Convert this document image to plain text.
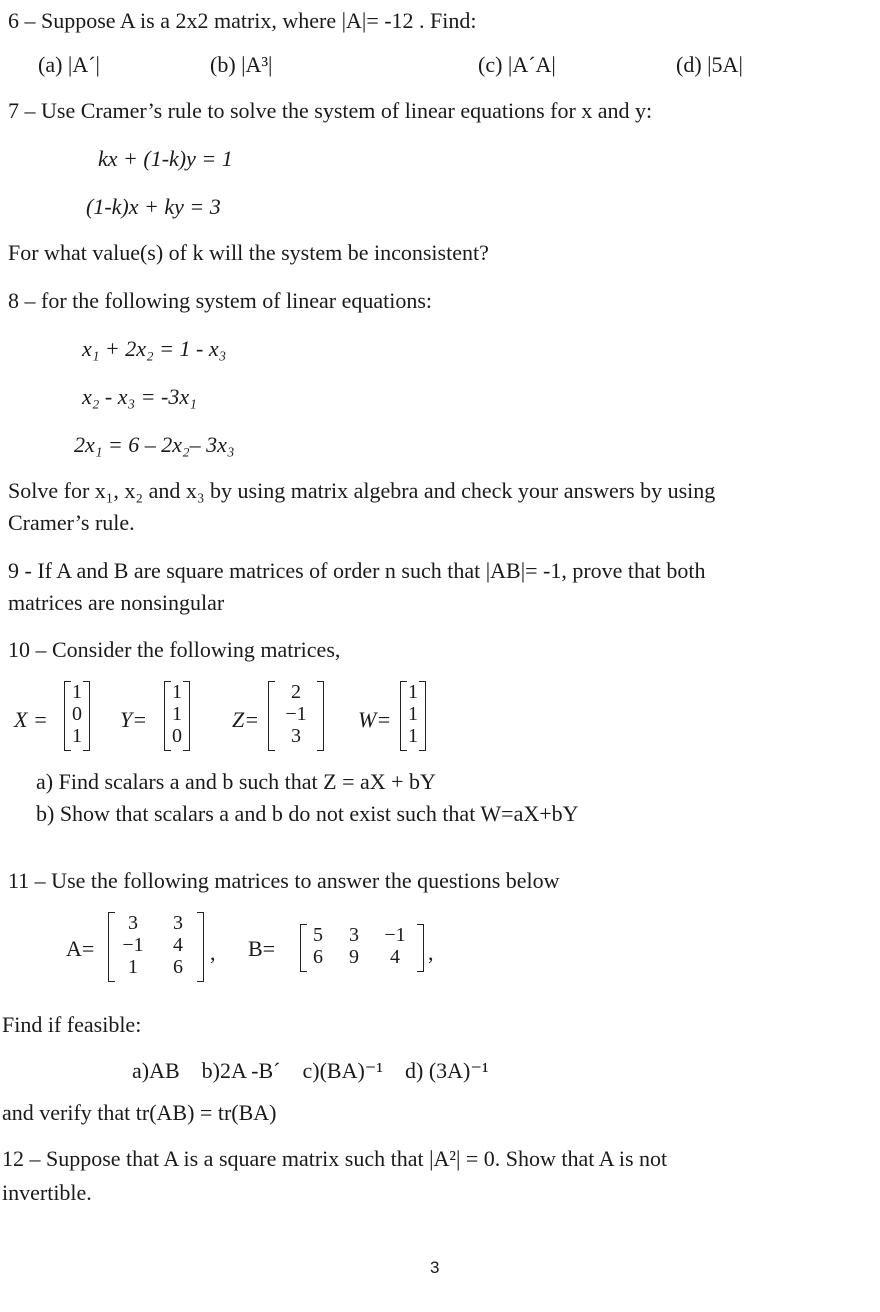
6 – Suppose A is a 2x2 matrix, where |A|= -12 . Find:
(a) |A´|	(b) |A³|	(c) |A´A|	(d) |5A|
7 – Use Cramer’s rule to solve the system of linear equations for x and y:
kx + (1-k)y = 1
(1-k)x + ky = 3
For what value(s) of k will the system be inconsistent?
8 – for the following system of linear equations:
x₁ + 2x₂ = 1 - x₃
x₂ - x₃ = -3x₁
2x₁ = 6 – 2x₂– 3x₃
Solve for x₁, x₂ and x₃ by using matrix algebra and check your answers by using
Cramer’s rule.
9 - If A and B are square matrices of order n such that |AB|= -1, prove that both
matrices are nonsingular
10 – Consider the following matrices,
X =
1
0
1
Y=
1
1
0
Z=
2
−1
3
W=
1
1
1
a) Find scalars a and b such that Z = aX + bY
b) Show that scalars a and b do not exist such that W=aX+bY
11 – Use the following matrices to answer the questions below
A=
3	3
−1	4
1	6
, B=
5	3	−1
6	9	4	,
Find if feasible:
a)AB    b)2A -B´    c)(BA)⁻¹    d) (3A)⁻¹
and verify that tr(AB) = tr(BA)
12 – Suppose that A is a square matrix such that |A²| = 0. Show that A is not
invertible.
3
